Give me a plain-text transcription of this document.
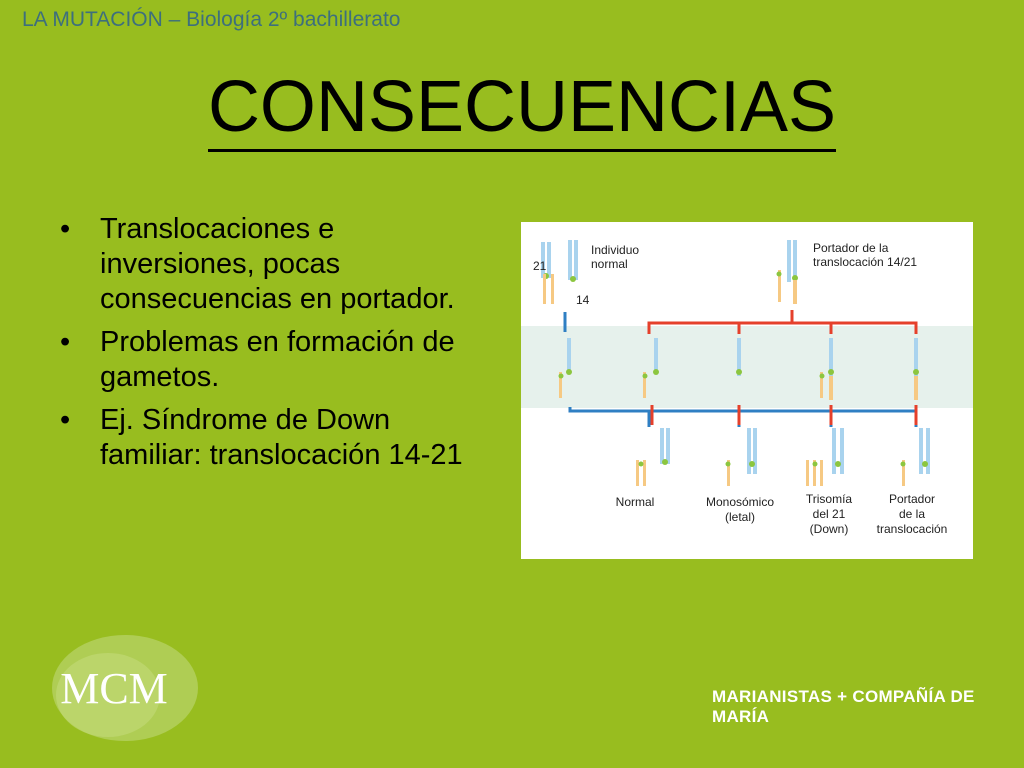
LA MUTACIÓN – Biología 2º bachillerato
CONSECUENCIAS
• Translocaciones e inversiones, pocas consecuencias en portador.
• Problemas en formación de gametos.
• Ej. Síndrome de Down familiar: translocación 14-21
21
14
Individuo
normal
Portador de la
translocación 14/21
Normal	Monosómico
(letal)
Trisomía
del 21
(Down)
Portador
de la
translocación
MCM	MARIANISTAS + COMPAÑÍA DE MARÍA
